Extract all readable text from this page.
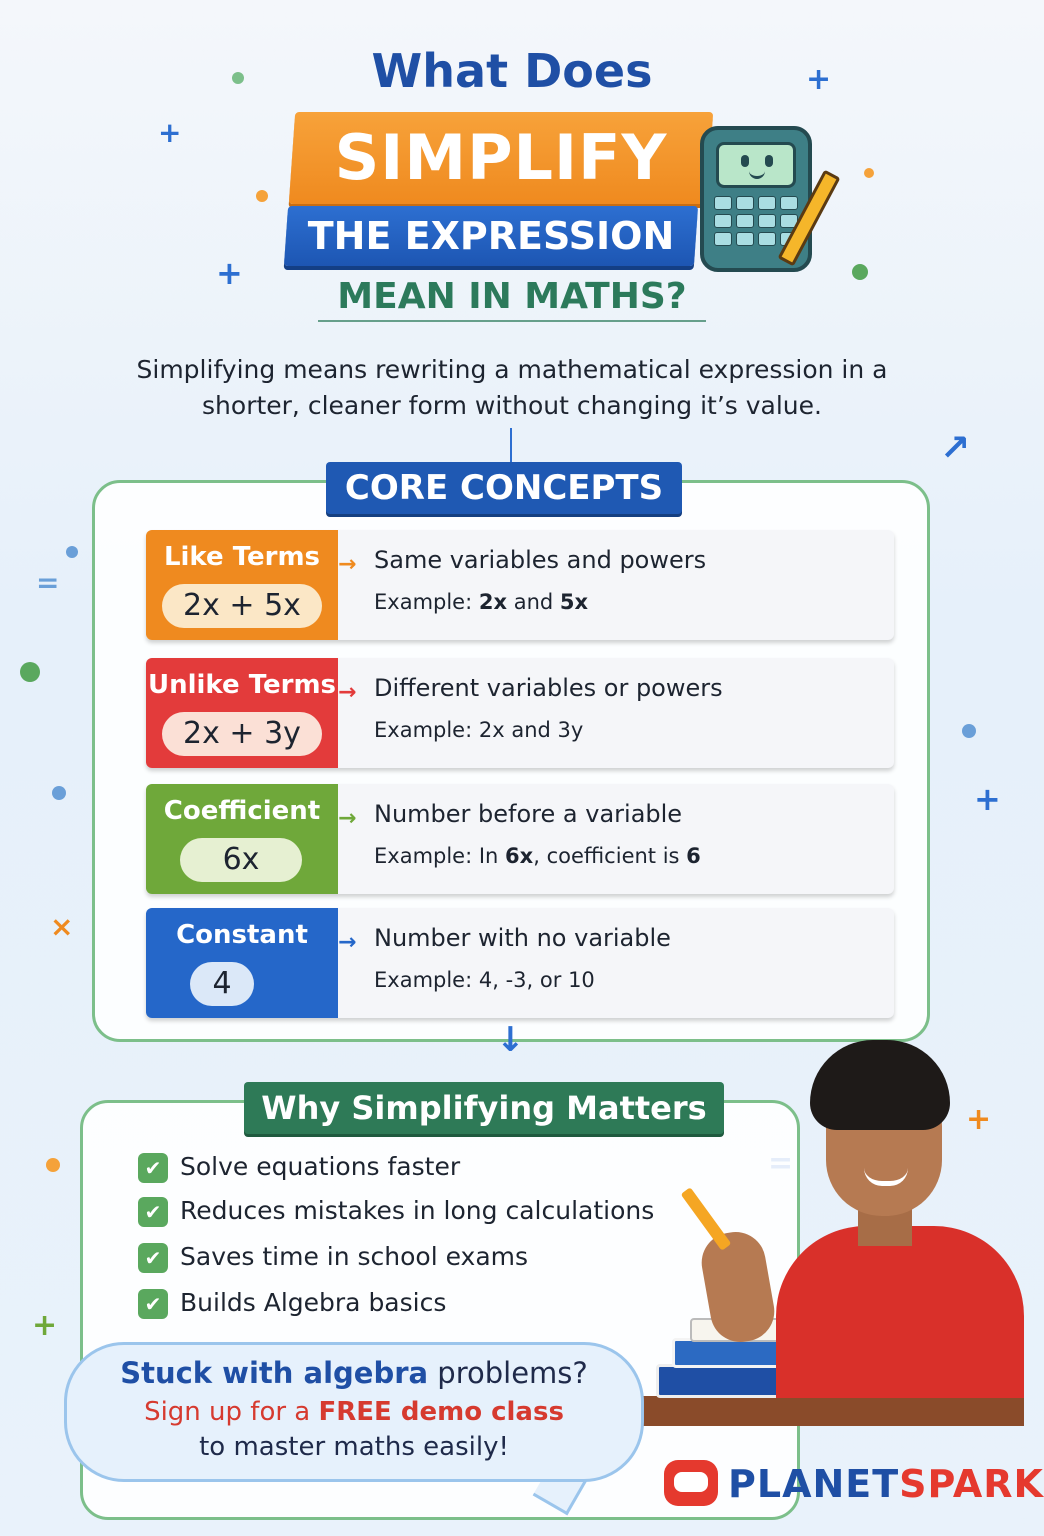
+
+
+
+
+
+
×
=
↗
What Does
SIMPLIFY
THE EXPRESSION
MEAN IN MATHS?
Simplifying means rewriting a mathematical expression in a shorter, cleaner form without changing it’s value.
CORE CONCEPTS
Like Terms
2x + 5x
→ Same variables and powers
Example: 2x and 5x
Unlike Terms
2x + 3y
→ Different variables or powers
Example: 2x and 3y
Coefficient
6x
→ Number before a variable
Example: In 6x, coefficient is 6
Constant
4
→ Number with no variable
Example: 4, -3, or 10
↓
Why Simplifying Matters
✔ Solve equations faster
✔ Reduces mistakes in long calculations
✔ Saves time in school exams
✔ Builds Algebra basics
Stuck with algebra problems?
Sign up for a FREE demo class
to master maths easily!
PLANETSPARK
